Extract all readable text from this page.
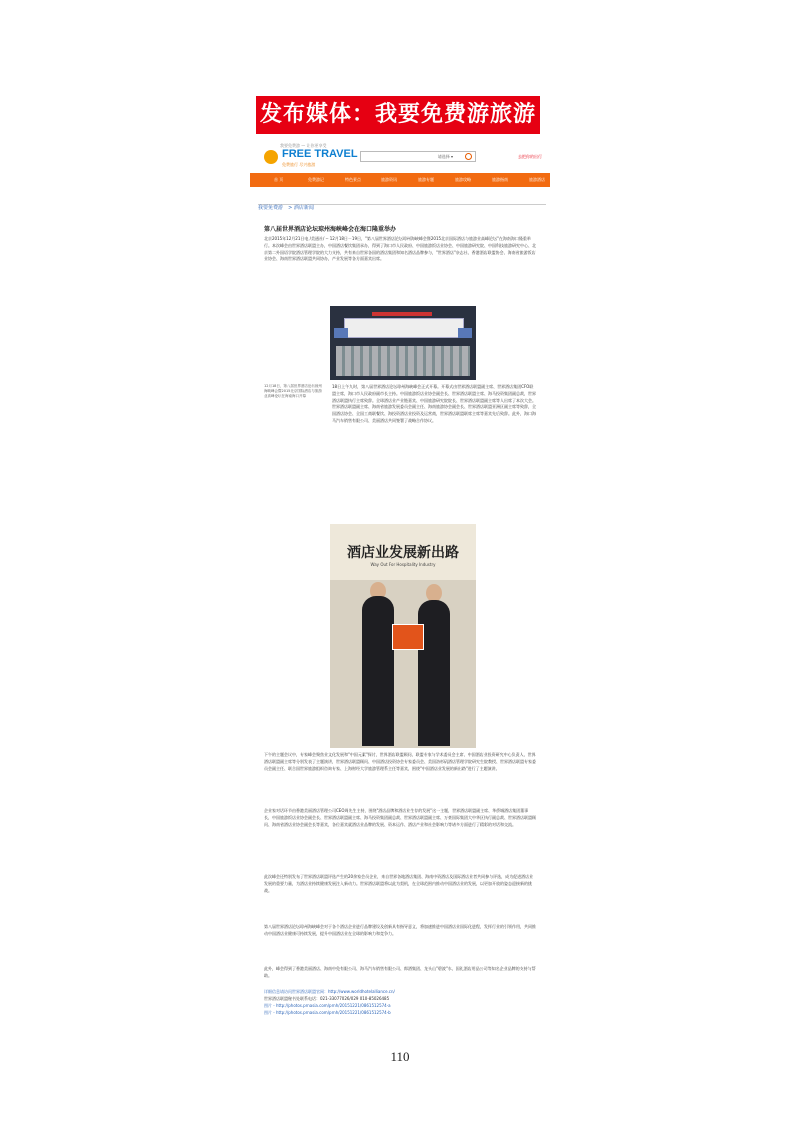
发布媒体：我要免费游旅游
我要免费游 — 让你更享受
FREE TRAVEL
免费旅行 尽兴旅游
请选择 ▾	去把你的出行
首 页	免费游记	特色景点	旅游资讯	旅游专题	旅游攻略	旅游指南	旅游酒店
我要免费游 > 酒店新闻
第八届世界酒店论坛琼州海峡峰会在海口隆重举办
北京2015年12月21日电 /美通社/ -- 12月18日－19日，"第八届世界酒店论坛琼州海峡峰会暨2015北京国际酒店与旅游业高峰论坛"在海南海口隆重举行。本次峰会由世界酒店联盟主办，中国酒店餐饮集团承办，得到了海口市人民政府、中国旅游饭店业协会、中国旅游研究院、中国科技旅游研究中心、北京第二外国语学院酒店管理学院的大力支持，共有来自世界各国的酒店集团和知名酒店品牌参与，"世界酒店"杂志社、香港酒店联盟协会、海南省旅游饭店业协会、海南世界酒店联盟共同协办，产业发展等各方面嘉宾出席。
12月18日，第八届世界酒店论坛琼州海峡峰会暨2015北京国际酒店与旅游业高峰论坛在海南海口开幕
18日上午九时，第八届世界酒店论坛琼州海峡峰会正式开幕。开幕式由世界酒店联盟副主席、世界酒店集团CFO联盟主席，海口市人民政府副市长主持。中国旅游饭店业协会副会长、世界酒店联盟主席、海马投资集团副总裁，世界酒店联盟执行主席致辞。全球酒店业产业链嘉宾、中国旅游研究院院长、世界酒店联盟副主席等人出席了本次大会。世界酒店联盟副主席、海南省旅游发展委员会副主任、海南旅游协会副会长、世界酒店联盟亚洲区副主席等致辞，全国酒店协会、全国工商联餐饮、海投资酒店业投资及运营商，世界酒店联盟联席主席等嘉宾先后致辞。此外，海口海马汽车销售有限公司、美丽酒店共同签署了战略合作协议。
酒店业发展新出路
Way Out For Hospitality Industry
下午的主题会议中，专家峰会聚焦业文化发展和"中国元素"探讨，世界酒店联盟顾问、联盟专家与学术委员会主席、中国酒店业投资研究中心负责人、世界酒店联盟副主席等分别发表了主题演讲，世界酒店联盟顾问、中国酒店投资协会专家委员会、美国洛杉矶酒店管理学院研究生院教授、世界酒店联盟专家委员会副主任、联合国世界旅游组织咨询专家、上海财经大学旅游管理系主任等嘉宾，围绕"中国酒店业发展的新出路"进行了主题演讲。
企业家对话环节由香港美丽酒店管理公司CEO周先生主持，围绕"酒店品牌和酒店业生存的发展"这一主题，世界酒店联盟副主席、华侨城酒店集团董事长，中国旅游饭店业协会副会长、世界酒店联盟副主席、海马投资集团副总裁、世界酒店联盟副主席、万豪国际集团大中华区执行副总裁、世界酒店联盟顾问、海南省酒店业协会副会长等嘉宾，各位嘉宾就酒店业品牌的发展、资本运作、酒店产业和社会影响力等诸多方面进行了精彩的对话和交流。
此次峰会还特别发布了世界酒店联盟评选产生的20余家会员企业，来自世界各地酒店集团、海南中资酒店及国际酒店业者共同参与评选，成为促进酒店业发展的重要力量，为酒店业持续健康发展注入新动力。世界酒店联盟将以此为契机，在全球范围内推动中国酒店业的发展，以更加开放的姿态迎接新的挑战。
第八届世界酒店论坛琼州海峡峰会对于各个酒店企业进行品牌建设及创新具有指导意义，将加速推进中国酒店业国际化进程，发挥行业的引领作用，共同推动中国酒店业健康可持续发展，提升中国酒店业在全球的影响力和竞争力。
此外，峰会得到了香港美丽酒店、海南中免有限公司、海马汽车销售有限公司、郎酒集团、龙头山"碧波"水、国礼酒店用品公司等知名企业品牌的支持与帮助。
详细信息请访问世界酒店联盟官网：http://www.worldhotelalliance.cn/
世界酒店联盟秘书处联系电话：021-33077026/029 010-85026485
图片 - http://photos.prnasia.com/prnh/20151221/0861512574-a
图片 - http://photos.prnasia.com/prnh/20151221/0861512574-b
110
